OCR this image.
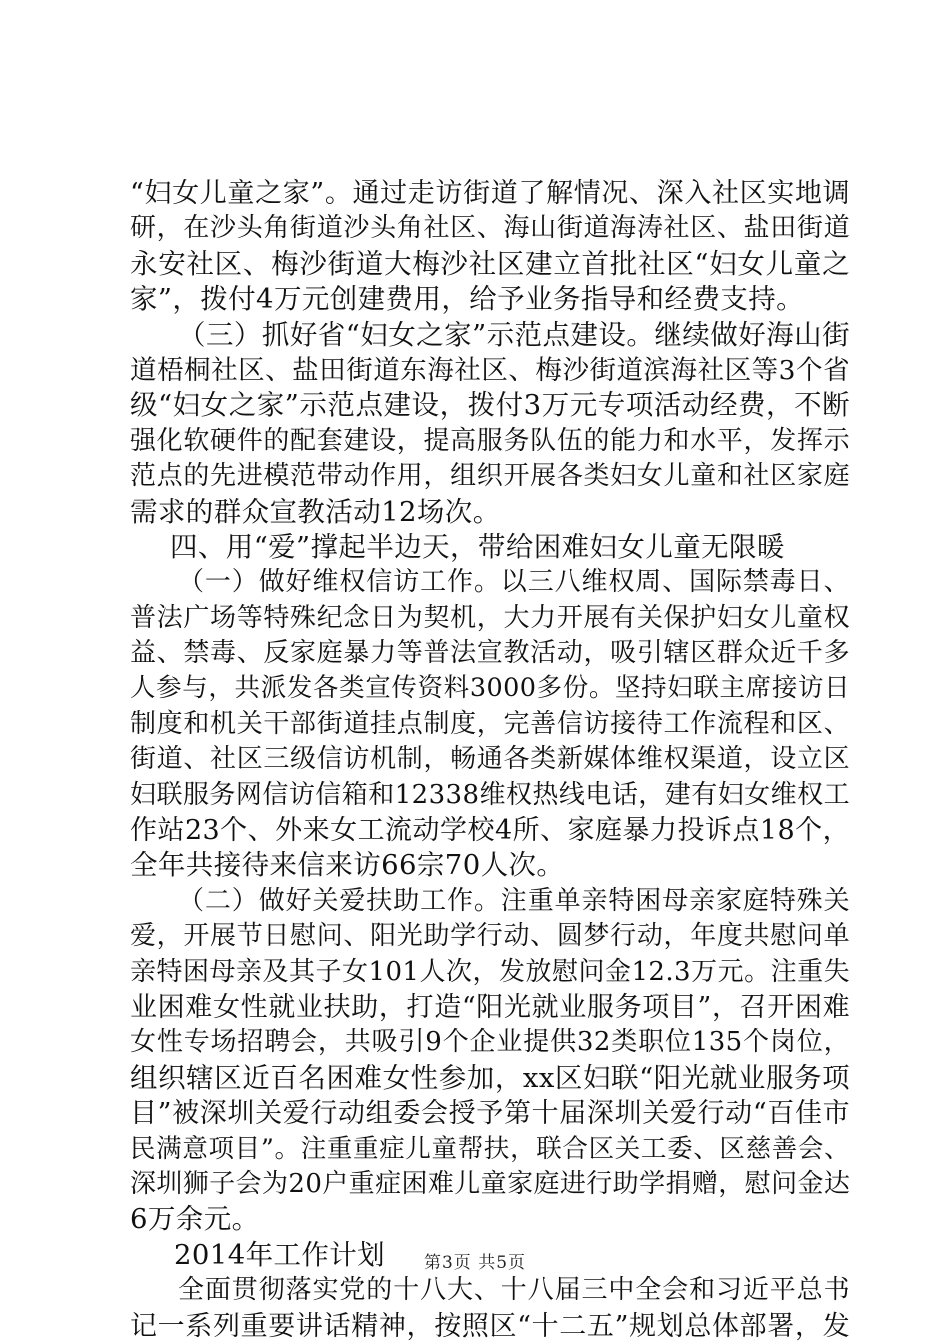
“妇女儿童之家”。通过走访街道了解情况、深入社区实地调
研，在沙头角街道沙头角社区、海山街道海涛社区、盐田街道
永安社区、梅沙街道大梅沙社区建立首批社区“妇女儿童之
家”，拨付4万元创建费用，给予业务指导和经费支持。
（三）抓好省“妇女之家”示范点建设。继续做好海山街
道梧桐社区、盐田街道东海社区、梅沙街道滨海社区等3个省
级“妇女之家”示范点建设，拨付3万元专项活动经费，不断
强化软硬件的配套建设，提高服务队伍的能力和水平，发挥示
范点的先进模范带动作用，组织开展各类妇女儿童和社区家庭
需求的群众宣教活动12场次。
四、用“爱”撑起半边天，带给困难妇女儿童无限暖
（一）做好维权信访工作。以三八维权周、国际禁毒日、
普法广场等特殊纪念日为契机，大力开展有关保护妇女儿童权
益、禁毒、反家庭暴力等普法宣教活动，吸引辖区群众近千多
人参与，共派发各类宣传资料3000多份。坚持妇联主席接访日
制度和机关干部街道挂点制度，完善信访接待工作流程和区、
街道、社区三级信访机制，畅通各类新媒体维权渠道，设立区
妇联服务网信访信箱和12338维权热线电话，建有妇女维权工
作站23个、外来女工流动学校4所、家庭暴力投诉点18个，
全年共接待来信来访66宗70人次。
（二）做好关爱扶助工作。注重单亲特困母亲家庭特殊关
爱，开展节日慰问、阳光助学行动、圆梦行动，年度共慰问单
亲特困母亲及其子女101人次，发放慰问金12.3万元。注重失
业困难女性就业扶助，打造“阳光就业服务项目”，召开困难
女性专场招聘会，共吸引9个企业提供32类职位135个岗位，
组织辖区近百名困难女性参加，xx区妇联“阳光就业服务项
目”被深圳关爱行动组委会授予第十届深圳关爱行动“百佳市
民满意项目”。注重重症儿童帮扶，联合区关工委、区慈善会、
深圳狮子会为20户重症困难儿童家庭进行助学捐赠，慰问金达
6万余元。
2014年工作计划
全面贯彻落实党的十八大、十八届三中全会和习近平总书
记一系列重要讲话精神，按照区“十二五”规划总体部署，发
第3页 共5页
